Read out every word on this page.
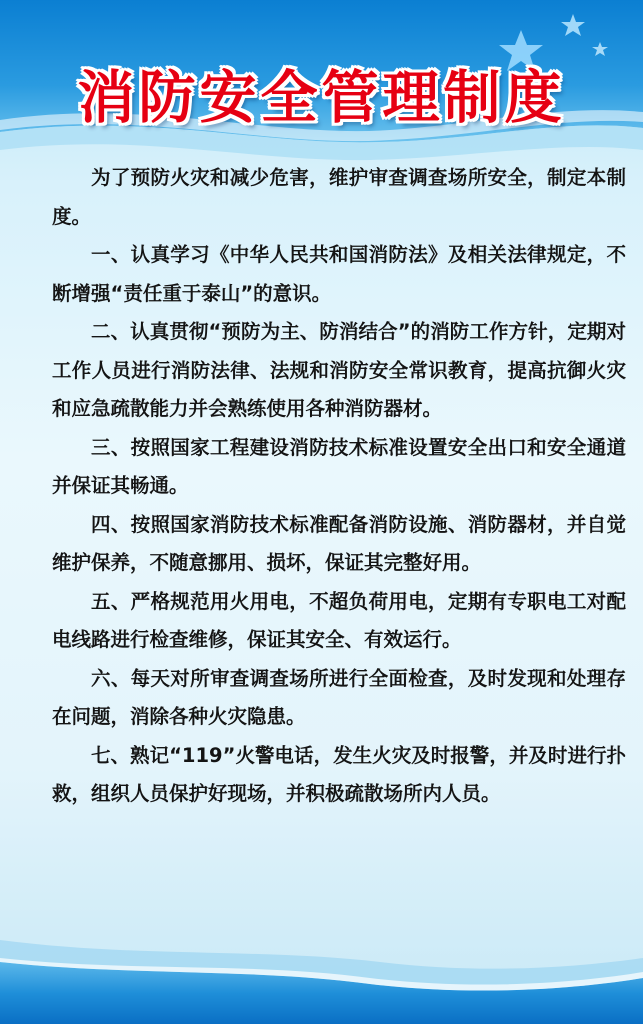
消防安全管理制度

为了预防火灾和减少危害，维护审查调查场所安全，制定本制度。

一、认真学习《中华人民共和国消防法》及相关法律规定，不断增强“责任重于泰山”的意识。

二、认真贯彻“预防为主、防消结合”的消防工作方针，定期对工作人员进行消防法律、法规和消防安全常识教育，提高抗御火灾和应急疏散能力并会熟练使用各种消防器材。

三、按照国家工程建设消防技术标准设置安全出口和安全通道并保证其畅通。

四、按照国家消防技术标准配备消防设施、消防器材，并自觉维护保养，不随意挪用、损坏，保证其完整好用。

五、严格规范用火用电，不超负荷用电，定期有专职电工对配电线路进行检查维修，保证其安全、有效运行。

六、每天对所审查调查场所进行全面检查，及时发现和处理存在问题，消除各种火灾隐患。

七、熟记“119”火警电话，发生火灾及时报警，并及时进行扑救，组织人员保护好现场，并积极疏散场所内人员。
